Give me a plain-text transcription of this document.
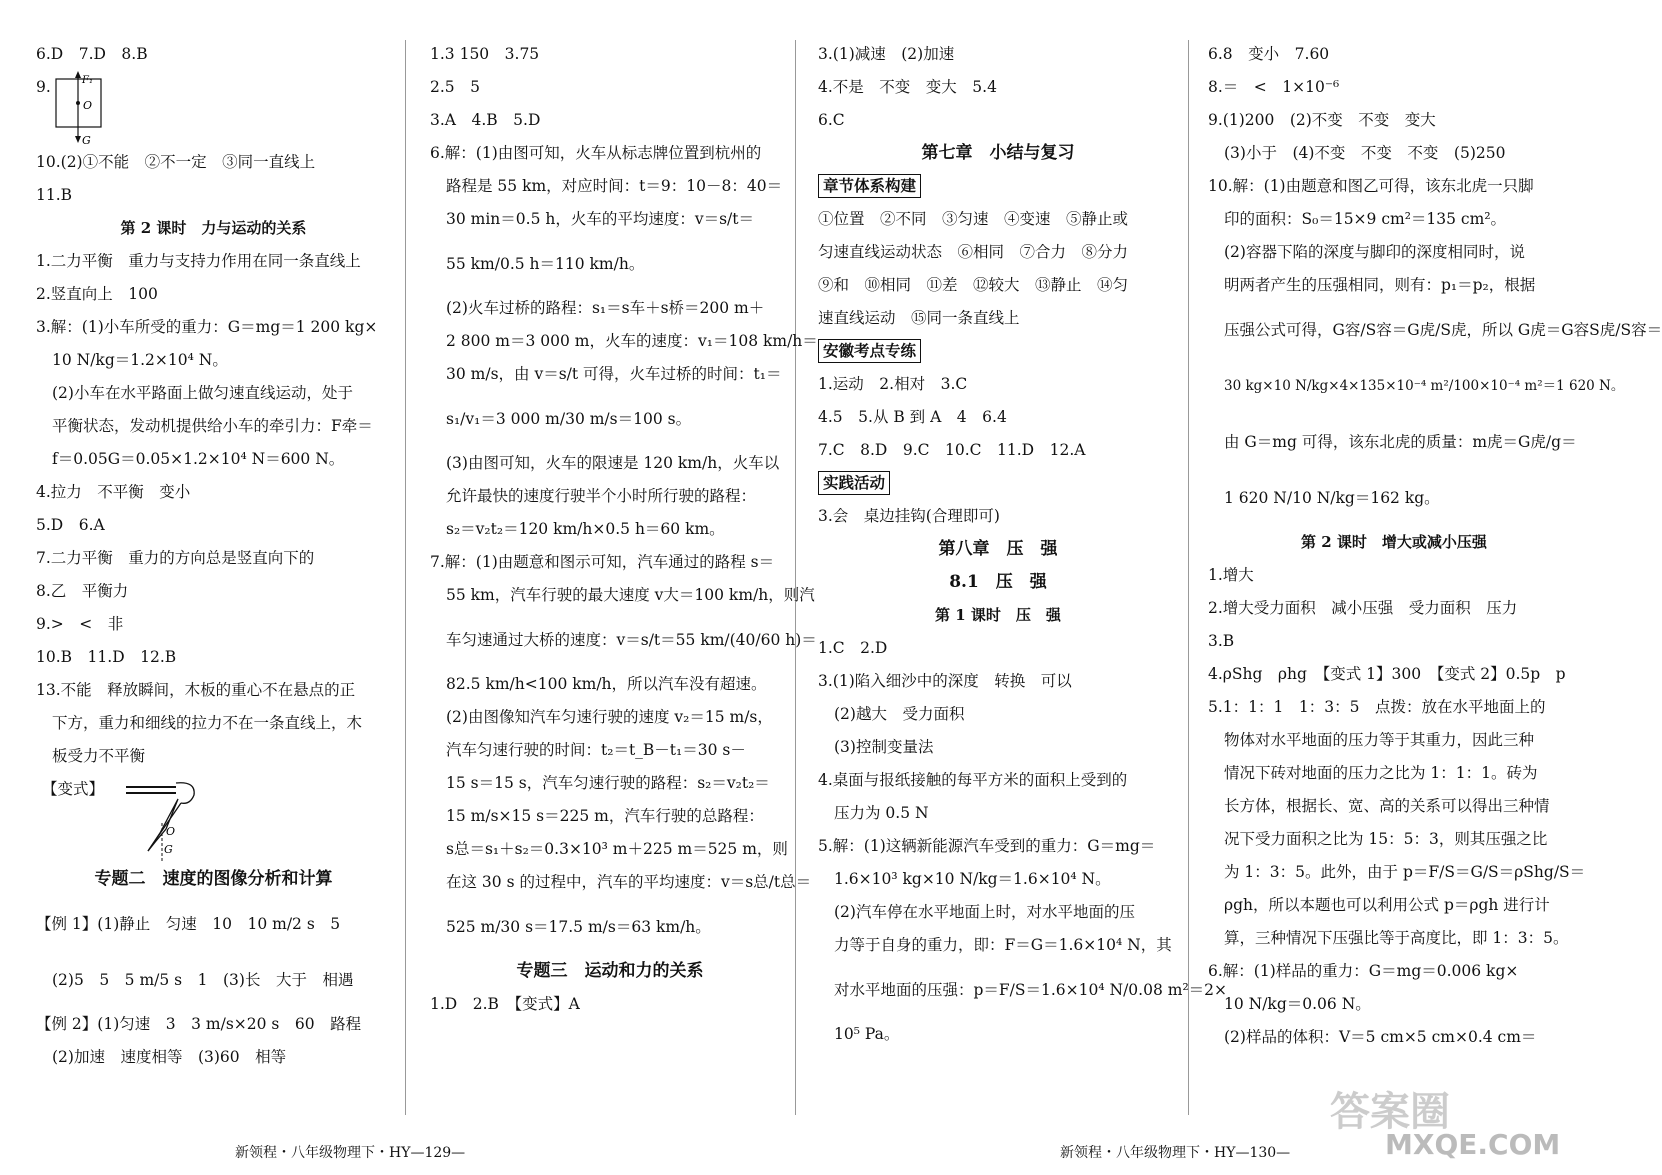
6.D　7.D　8.B
9.	F₁
O
G
10.(2)①不能　②不一定　③同一直线上
11.B
第 2 课时　力与运动的关系
1.二力平衡　重力与支持力作用在同一条直线上
2.竖直向上　100
3.解：(1)小车所受的重力：G＝mg＝1 200 kg×
10 N/kg＝1.2×10⁴ N。
(2)小车在水平路面上做匀速直线运动，处于
平衡状态，发动机提供给小车的牵引力：F牵＝
f＝0.05G＝0.05×1.2×10⁴ N＝600 N。
4.拉力　不平衡　变小
5.D　6.A
7.二力平衡　重力的方向总是竖直向下的
8.乙　平衡力
9.>　<　非
10.B　11.D　12.B
13.不能　释放瞬间，木板的重心不在悬点的正
下方，重力和细线的拉力不在一条直线上，木
板受力不平衡
【变式】
O
G
专题二　速度的图像分析和计算
【例 1】(1)静止　匀速　10　10 m/2 s　5
(2)5　5　5 m/5 s　1　(3)长　大于　相遇
【例 2】(1)匀速　3　3 m/s×20 s　60　路程
(2)加速　速度相等　(3)60　相等
1.3 150　3.75
2.5　5
3.A　4.B　5.D
6.解：(1)由图可知，火车从标志牌位置到杭州的
路程是 55 km，对应时间：t＝9：10－8：40＝
30 min＝0.5 h，火车的平均速度：v＝s/t＝
55 km/0.5 h＝110 km/h。
(2)火车过桥的路程：s₁＝s车＋s桥＝200 m＋
2 800 m＝3 000 m，火车的速度：v₁＝108 km/h＝
30 m/s，由 v＝s/t 可得，火车过桥的时间：t₁＝
s₁/v₁＝3 000 m/30 m/s＝100 s。
(3)由图可知，火车的限速是 120 km/h，火车以
允许最快的速度行驶半个小时所行驶的路程：
s₂＝v₂t₂＝120 km/h×0.5 h＝60 km。
7.解：(1)由题意和图示可知，汽车通过的路程 s＝
55 km，汽车行驶的最大速度 v大＝100 km/h，则汽
车匀速通过大桥的速度：v＝s/t＝55 km/(40/60 h)＝
82.5 km/h<100 km/h，所以汽车没有超速。
(2)由图像知汽车匀速行驶的速度 v₂＝15 m/s，
汽车匀速行驶的时间：t₂＝t_B－t₁＝30 s－
15 s＝15 s，汽车匀速行驶的路程：s₂＝v₂t₂＝
15 m/s×15 s＝225 m，汽车行驶的总路程：
s总＝s₁＋s₂＝0.3×10³ m＋225 m＝525 m，则
在这 30 s 的过程中，汽车的平均速度：v＝s总/t总＝
525 m/30 s＝17.5 m/s＝63 km/h。
专题三　运动和力的关系
1.D　2.B　【变式】A
3.(1)减速　(2)加速
4.不是　不变　变大　5.4
6.C
第七章　小结与复习
章节体系构建
①位置　②不同　③匀速　④变速　⑤静止或
匀速直线运动状态　⑥相同　⑦合力　⑧分力
⑨和　⑩相同　⑪差　⑫较大　⑬静止　⑭匀
速直线运动　⑮同一条直线上
安徽考点专练
1.运动　2.相对　3.C
4.5　5.从 B 到 A　4　6.4
7.C　8.D　9.C　10.C　11.D　12.A
实践活动
3.会　桌边挂钩(合理即可)
第八章　压　强
8.1　压　强
第 1 课时　压　强
1.C　2.D
3.(1)陷入细沙中的深度　转换　可以
(2)越大　受力面积
(3)控制变量法
4.桌面与报纸接触的每平方米的面积上受到的
压力为 0.5 N
5.解：(1)这辆新能源汽车受到的重力：G＝mg＝
1.6×10³ kg×10 N/kg＝1.6×10⁴ N。
(2)汽车停在水平地面上时，对水平地面的压
力等于自身的重力，即：F＝G＝1.6×10⁴ N，其
对水平地面的压强：p＝F/S＝1.6×10⁴ N/0.08 m²＝2×
10⁵ Pa。
6.8　变小　7.60
8.＝　<　1×10⁻⁶
9.(1)200　(2)不变　不变　变大
(3)小于　(4)不变　不变　不变　(5)250
10.解：(1)由题意和图乙可得，该东北虎一只脚
印的面积：S₀＝15×9 cm²＝135 cm²。
(2)容器下陷的深度与脚印的深度相同时，说
明两者产生的压强相同，则有：p₁＝p₂，根据
压强公式可得，G容/S容＝G虎/S虎，所以 G虎＝G容S虎/S容＝
30 kg×10 N/kg×4×135×10⁻⁴ m²/100×10⁻⁴ m²＝1 620 N。
由 G＝mg 可得，该东北虎的质量：m虎＝G虎/g＝
1 620 N/10 N/kg＝162 kg。
第 2 课时　增大或减小压强
1.增大
2.增大受力面积　减小压强　受力面积　压力
3.B
4.ρShg　ρhg　【变式 1】300　【变式 2】0.5p　p
5.1：1：1　1：3：5　点拨：放在水平地面上的
物体对水平地面的压力等于其重力，因此三种
情况下砖对地面的压力之比为 1：1：1。砖为
长方体，根据长、宽、高的关系可以得出三种情
况下受力面积之比为 15：5：3，则其压强之比
为 1：3：5。此外，由于 p＝F/S＝G/S＝ρShg/S＝
ρgh，所以本题也可以利用公式 p＝ρgh 进行计
算，三种情况下压强比等于高度比，即 1：3：5。
6.解：(1)样品的重力：G＝mg＝0.006 kg×
10 N/kg＝0.06 N。
(2)样品的体积：V＝5 cm×5 cm×0.4 cm＝
新领程・八年级物理下・HY—129—	新领程・八年级物理下・HY—130—
答案圈
MXQE.COM
